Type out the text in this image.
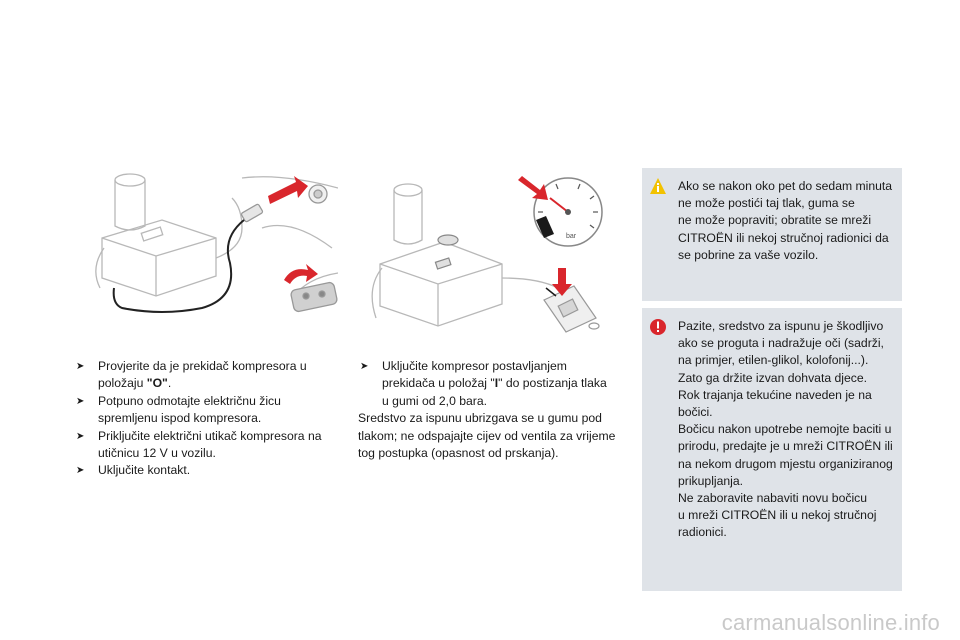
bar
➤ Provjerite da je prekidač kompresora u
položaju "O".
➤ Potpuno odmotajte električnu žicu
spremljenu ispod kompresora.
➤ Priključite električni utikač kompresora na
utičnicu 12 V u vozilu.
➤ Uključite kontakt.
➤ Uključite kompresor postavljanjem
prekidača u položaj "I" do postizanja tlaka
u gumi od 2,0 bara.
Sredstvo za ispunu ubrizgava se u gumu pod
tlakom; ne odspajajte cijev od ventila za vrijeme
tog postupka (opasnost od prskanja).
Ako se nakon oko pet do sedam minuta
ne može postići taj tlak, guma se
ne može popraviti; obratite se mreži
CITROËN ili nekoj stručnoj radionici da
se pobrine za vaše vozilo.
Pazite, sredstvo za ispunu je škodljivo
ako se proguta i nadražuje oči (sadrži,
na primjer, etilen-glikol, kolofonij...).
Zato ga držite izvan dohvata djece.
Rok trajanja tekućine naveden je na
bočici.
Bočicu nakon upotrebe nemojte baciti u
prirodu, predajte je u mreži CITROËN ili
na nekom drugom mjestu organiziranog
prikupljanja.
Ne zaboravite nabaviti novu bočicu
u mreži CITROËN ili u nekoj stručnoj
radionici.
carmanualsonline.info
